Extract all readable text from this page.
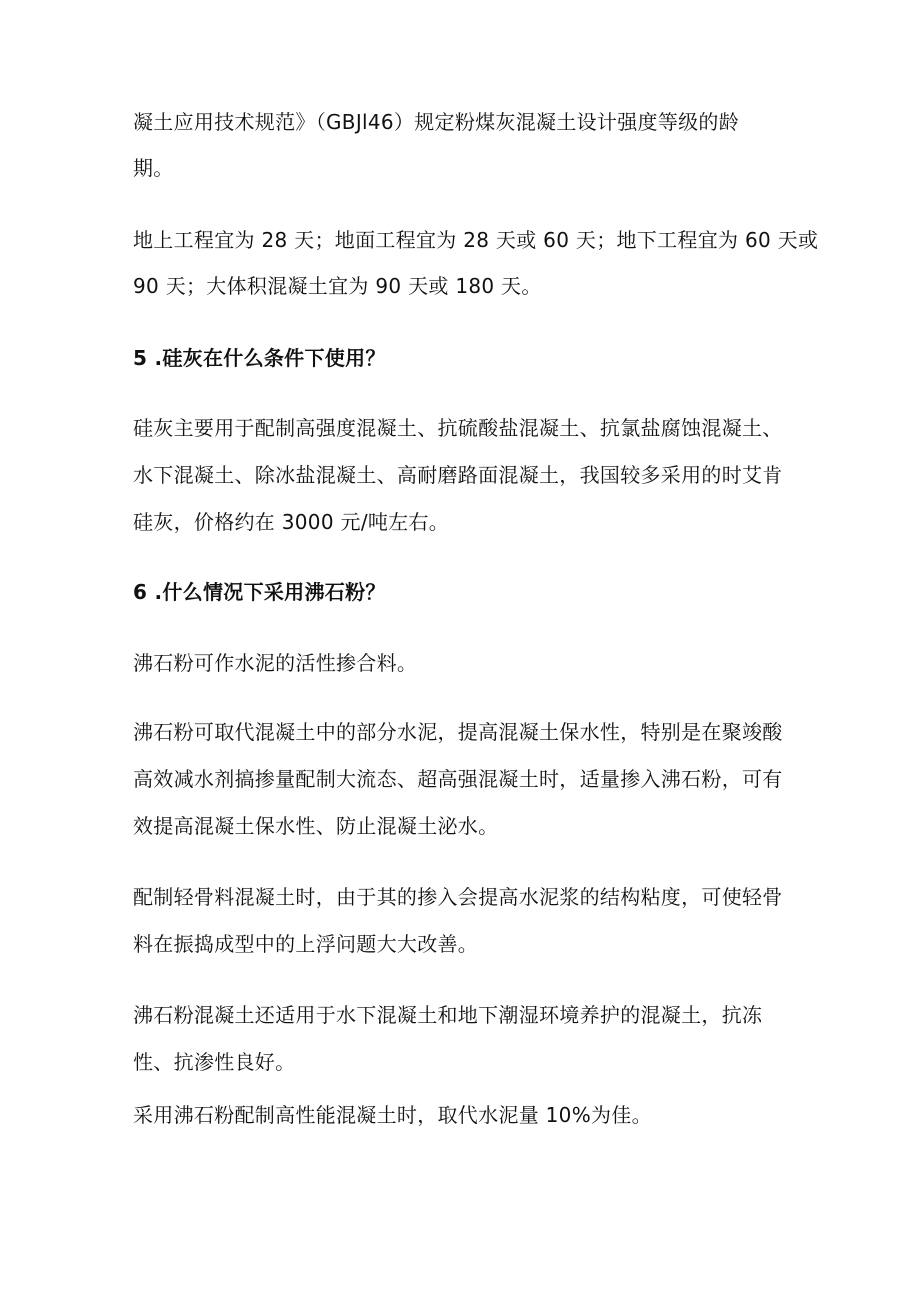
凝土应用技术规范》（GBJl46）规定粉煤灰混凝土设计强度等级的龄
期。
地上工程宜为 28 天；地面工程宜为 28 天或 60 天；地下工程宜为 60 天或
90 天；大体积混凝土宜为 90 天或 180 天。
5 .硅灰在什么条件下使用？
硅灰主要用于配制高强度混凝土、抗硫酸盐混凝土、抗氯盐腐蚀混凝土、
水下混凝土、除冰盐混凝土、高耐磨路面混凝土，我国较多采用的时艾肯
硅灰，价格约在 3000 元/吨左右。
6 .什么情况下采用沸石粉？
沸石粉可作水泥的活性掺合料。
沸石粉可取代混凝土中的部分水泥，提高混凝土保水性，特别是在聚竣酸
高效减水剂搞掺量配制大流态、超高强混凝土时，适量掺入沸石粉，可有
效提高混凝土保水性、防止混凝土泌水。
配制轻骨料混凝土时，由于其的掺入会提高水泥浆的结构粘度，可使轻骨
料在振捣成型中的上浮问题大大改善。
沸石粉混凝土还适用于水下混凝土和地下潮湿环境养护的混凝土，抗冻
性、抗渗性良好。
采用沸石粉配制高性能混凝土时，取代水泥量 10%为佳。
